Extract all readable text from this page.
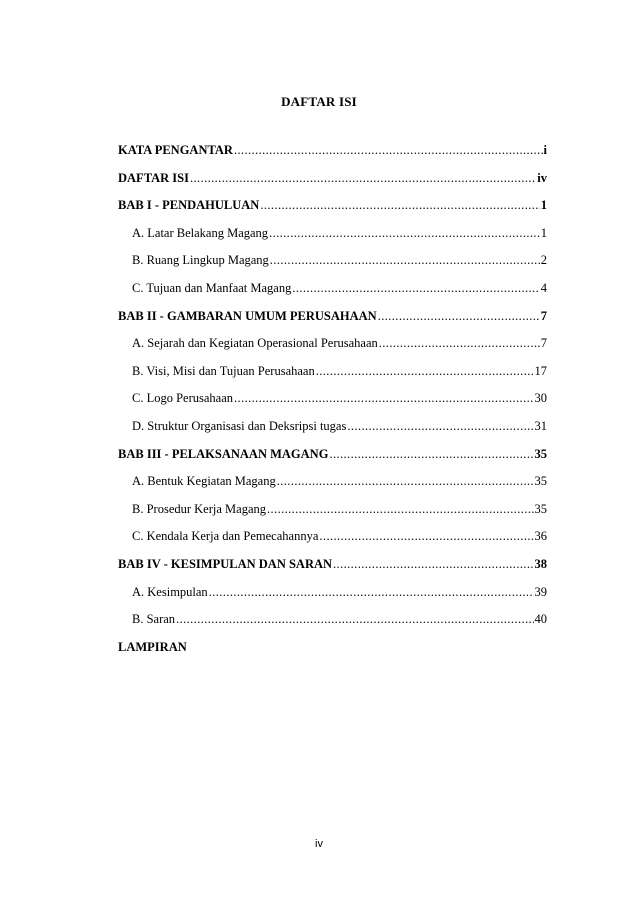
DAFTAR ISI
KATA PENGANTAR .....	i
DAFTAR ISI .....	iv
BAB I - PENDAHULUAN .....	1
A. Latar Belakang Magang .....	1
B. Ruang Lingkup Magang .....	2
C. Tujuan dan Manfaat Magang .....	4
BAB II - GAMBARAN UMUM PERUSAHAAN .....	7
A. Sejarah dan Kegiatan Operasional Perusahaan .....	7
B. Visi, Misi dan Tujuan Perusahaan .....	17
C. Logo Perusahaan .....	30
D. Struktur Organisasi dan Deksripsi tugas .....	31
BAB III - PELAKSANAAN MAGANG .....	35
A. Bentuk Kegiatan Magang .....	35
B. Prosedur Kerja Magang .....	35
C. Kendala Kerja dan Pemecahannya .....	36
BAB IV - KESIMPULAN DAN SARAN .....	38
A. Kesimpulan .....	39
B. Saran .....	40
LAMPIRAN
iv
